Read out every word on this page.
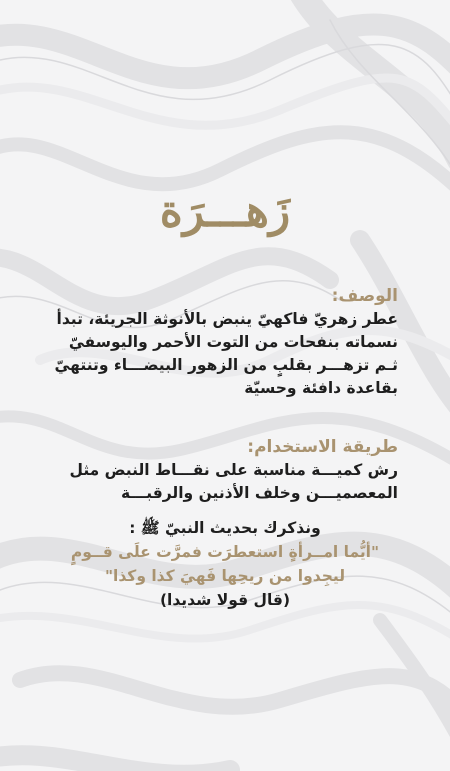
زَهـــرَة

الوصف:

عطر زهريّ فاكهيّ ينبض بالأنوثة الجريئة، تبدأ
نسماته بنفحات من التوت الأحمر واليوسفيّ
ثـم تزهـــر بقلبٍ من الزهور البيضـــاء وتنتهيّ
بقاعدة دافئة وحسيّة

طريقة الاستخدام:

رش كميـــة مناسبة على نقـــاط النبض مثل
المعصميـــن وخلف الأذنين والرقبـــة

ونذكرك بحديث النبيّ ﷺ :

"أيُّما امــرأةٍ استعطرَت فمرَّت علَى قــومٍ
ليجِدوا من ريحِها فَهيَ كذا وكذا"

(قال قولا شديدا)
